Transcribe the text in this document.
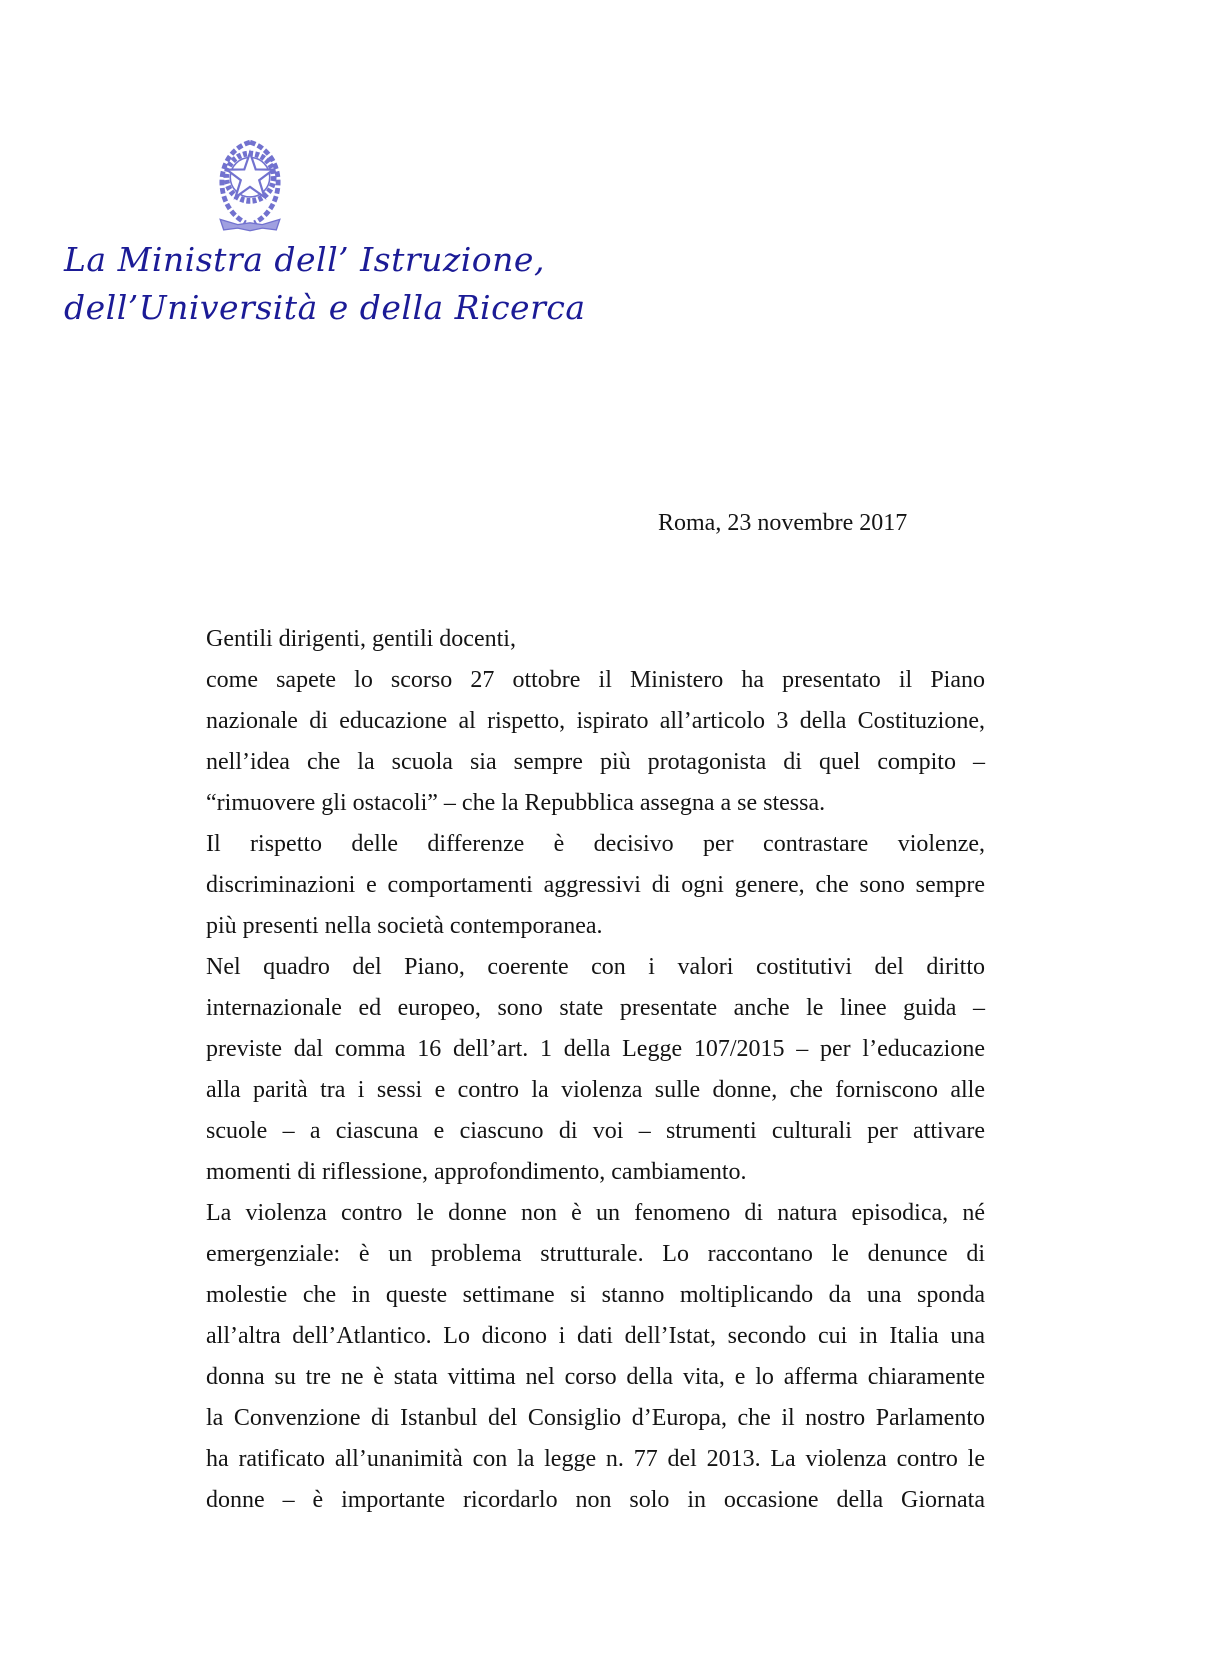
La Ministra dell’ Istruzione,
dell’Università e della Ricerca
Roma, 23 novembre 2017
Gentili dirigenti, gentili docenti,
come sapete lo scorso 27 ottobre il Ministero ha presentato il Piano
nazionale di educazione al rispetto, ispirato all’articolo 3 della Costituzione,
nell’idea che la scuola sia sempre più protagonista di quel compito –
“rimuovere gli ostacoli” – che la Repubblica assegna a se stessa.
Il rispetto delle differenze è decisivo per contrastare violenze,
discriminazioni e comportamenti aggressivi di ogni genere, che sono sempre
più presenti nella società contemporanea.
Nel quadro del Piano, coerente con i valori costitutivi del diritto
internazionale ed europeo, sono state presentate anche le linee guida –
previste dal comma 16 dell’art. 1 della Legge 107/2015 – per l’educazione
alla parità tra i sessi e contro la violenza sulle donne, che forniscono alle
scuole – a ciascuna e ciascuno di voi – strumenti culturali per attivare
momenti di riflessione, approfondimento, cambiamento.
La violenza contro le donne non è un fenomeno di natura episodica, né
emergenziale: è un problema strutturale. Lo raccontano le denunce di
molestie che in queste settimane si stanno moltiplicando da una sponda
all’altra dell’Atlantico. Lo dicono i dati dell’Istat, secondo cui in Italia una
donna su tre ne è stata vittima nel corso della vita, e lo afferma chiaramente
la Convenzione di Istanbul del Consiglio d’Europa, che il nostro Parlamento
ha ratificato all’unanimità con la legge n. 77 del 2013. La violenza contro le
donne – è importante ricordarlo non solo in occasione della Giornata
